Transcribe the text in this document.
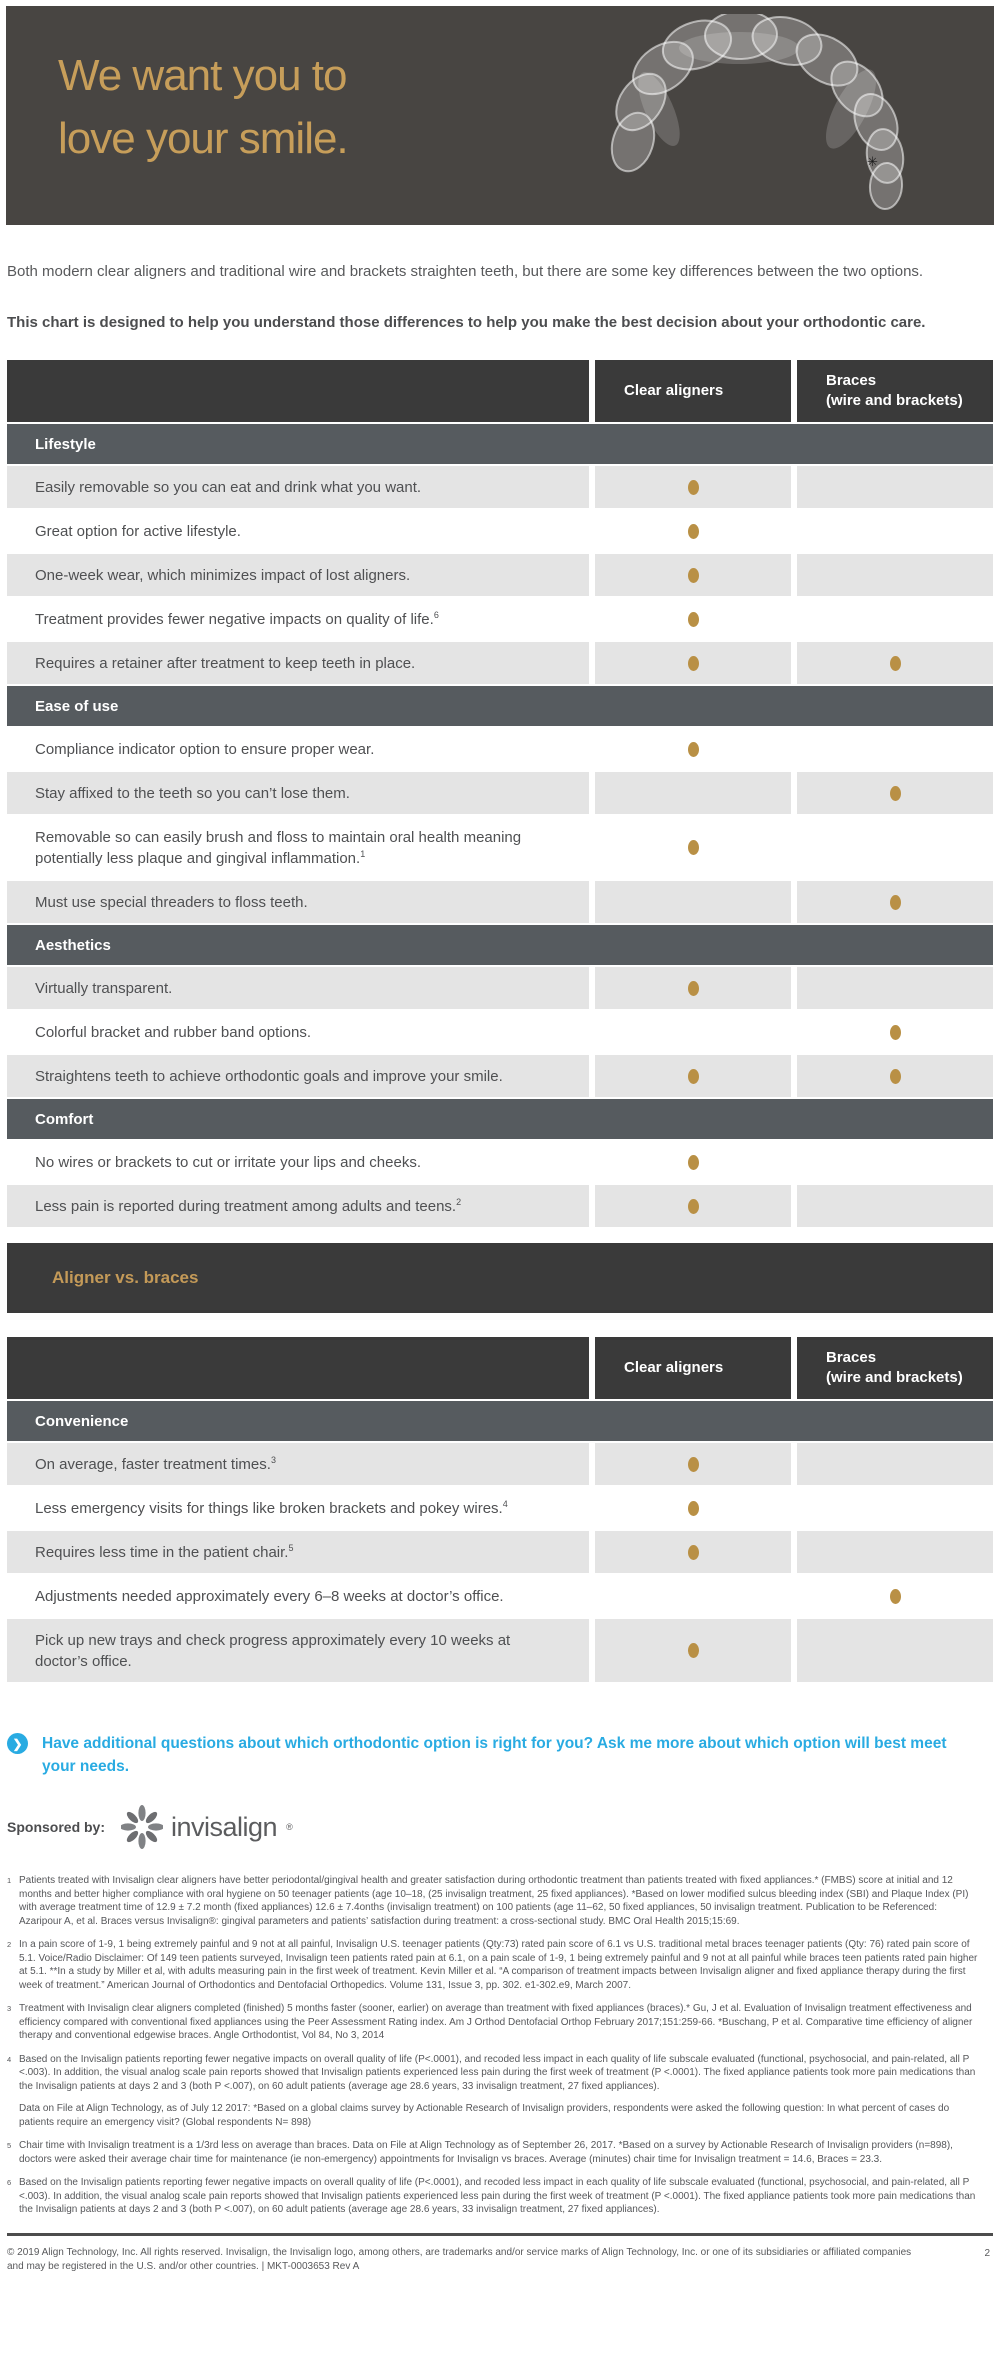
We want you to
love your smile.	✳

Both modern clear aligners and traditional wire and brackets straighten teeth, but there are some key differences between the two options.

This chart is designed to help you understand those differences to help you make the best decision about your orthodontic care.

Clear aligners
Braces
(wire and brackets)
Lifestyle
Easily removable so you can eat and drink what you want.
Great option for active lifestyle.
One-week wear, which minimizes impact of lost aligners.
Treatment provides fewer negative impacts on quality of life.$^6$
Requires a retainer after treatment to keep teeth in place.
Ease of use
Compliance indicator option to ensure proper wear.
Stay affixed to the teeth so you can’t lose them.
Removable so can easily brush and floss to maintain oral health meaning potentially less plaque and gingival inflammation.$^1$
Must use special threaders to floss teeth.
Aesthetics
Virtually transparent.
Colorful bracket and rubber band options.
Straightens teeth to achieve orthodontic goals and improve your smile.
Comfort
No wires or brackets to cut or irritate your lips and cheeks.
Less pain is reported during treatment among adults and teens.$^2$
Aligner vs. braces
Clear aligners
Braces
(wire and brackets)
Convenience
On average, faster treatment times.$^3$
Less emergency visits for things like broken brackets and pokey wires.$^4$
Requires less time in the patient chair.$^5$
Adjustments needed approximately every 6–8 weeks at doctor’s office.
Pick up new trays and check progress approximately every 10 weeks at doctor’s office.
❯	Have additional questions about which orthodontic option is right for you? Ask me more about which option will best meet your needs.
Sponsored by: invisalign ®
1 Patients treated with Invisalign clear aligners have better periodontal/gingival health and greater satisfaction during orthodontic treatment than patients treated with fixed appliances.* (FMBS) score at initial and 12 months and better higher compliance with oral hygiene on 50 teenager patients (age 10–18, (25 invisalign treatment, 25 fixed appliances). *Based on lower modified sulcus bleeding index (SBI) and Plaque Index (PI) with average treatment time of 12.9 ± 7.2 month (fixed appliances) 12.6 ± 7.4onths (invisalign treatment) on 100 patients (age 11–62, 50 fixed appliances, 50 invisalign treatment. Publication to be Referenced: Azaripour A, et al. Braces versus Invisalign®: gingival parameters and patients’ satisfaction during treatment: a cross-sectional study. BMC Oral Health 2015;15:69.
2 In a pain score of 1-9, 1 being extremely painful and 9 not at all painful, Invisalign U.S. teenager patients (Qty:73) rated pain score of 6.1 vs U.S. traditional metal braces teenager patients (Qty: 76) rated pain score of 5.1. Voice/Radio Disclaimer: Of 149 teen patients surveyed, Invisalign teen patients rated pain at 6.1, on a pain scale of 1-9, 1 being extremely painful and 9 not at all painful while braces teen patients rated pain higher at 5.1. **In a study by Miller et al, with adults measuring pain in the first week of treatment. Kevin Miller et al. “A comparison of treatment impacts between Invisalign aligner and fixed appliance therapy during the first week of treatment.” American Journal of Orthodontics and Dentofacial Orthopedics. Volume 131, Issue 3, pp. 302. e1-302.e9, March 2007.
3 Treatment with Invisalign clear aligners completed (finished) 5 months faster (sooner, earlier) on average than treatment with fixed appliances (braces).* Gu, J et al. Evaluation of Invisalign treatment effectiveness and efficiency compared with conventional fixed appliances using the Peer Assessment Rating index. Am J Orthod Dentofacial Orthop February 2017;151:259-66. *Buschang, P et al. Comparative time efficiency of aligner therapy and conventional edgewise braces. Angle Orthodontist, Vol 84, No 3, 2014
4 Based on the Invisalign patients reporting fewer negative impacts on overall quality of life (P<.0001), and recoded less impact in each quality of life subscale evaluated (functional, psychosocial, and pain-related, all P <.003). In addition, the visual analog scale pain reports showed that Invisalign patients experienced less pain during the first week of treatment (P <.0001). The fixed appliance patients took more pain medications than the Invisalign patients at days 2 and 3 (both P <.007), on 60 adult patients (average age 28.6 years, 33 invisalign treatment, 27 fixed appliances).
Data on File at Align Technology, as of July 12 2017: *Based on a global claims survey by Actionable Research of Invisalign providers, respondents were asked the following question: In what percent of cases do patients require an emergency visit? (Global respondents N= 898)
5 Chair time with Invisalign treatment is a 1/3rd less on average than braces. Data on File at Align Technology as of September 26, 2017. *Based on a survey by Actionable Research of Invisalign providers (n=898), doctors were asked their average chair time for maintenance (ie non-emergency) appointments for Invisalign vs braces. Average (minutes) chair time for Invisalign treatment = 14.6, Braces = 23.3.
6 Based on the Invisalign patients reporting fewer negative impacts on overall quality of life (P<.0001), and recoded less impact in each quality of life subscale evaluated (functional, psychosocial, and pain-related, all P <.003). In addition, the visual analog scale pain reports showed that Invisalign patients experienced less pain during the first week of treatment (P <.0001). The fixed appliance patients took more pain medications than the Invisalign patients at days 2 and 3 (both P <.007), on 60 adult patients (average age 28.6 years, 33 invisalign treatment, 27 fixed appliances).
© 2019 Align Technology, Inc. All rights reserved. Invisalign, the Invisalign logo, among others, are trademarks and/or service marks of Align Technology, Inc. or one of its subsidiaries or affiliated companies and may be registered in the U.S. and/or other countries. | MKT-0003653 Rev A
2
